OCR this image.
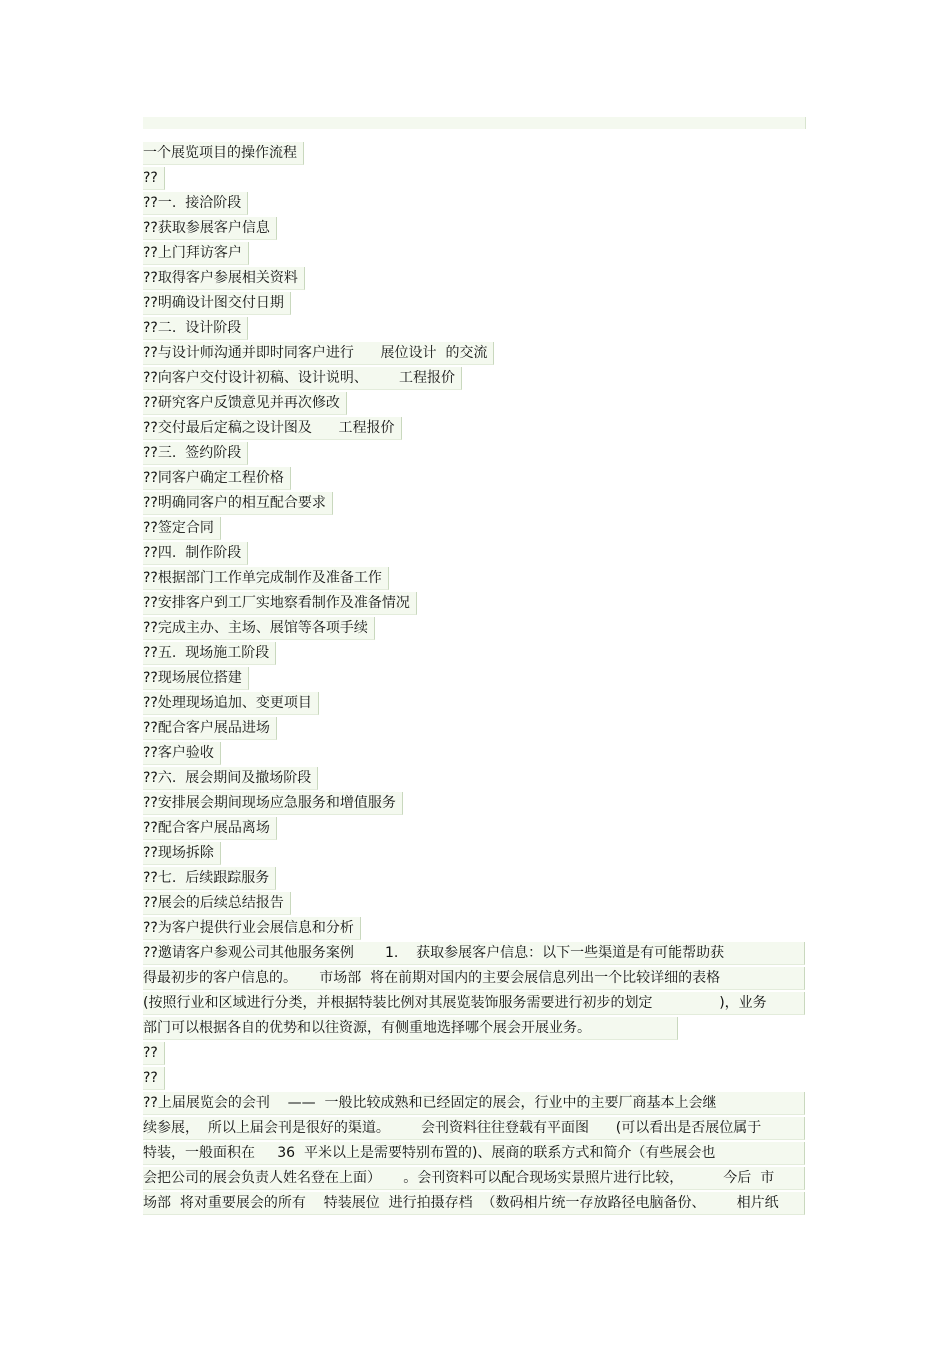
一个展览项目的操作流程
??
??一.  接洽阶段
??获取参展客户信息
??上门拜访客户
??取得客户参展相关资料
??明确设计图交付日期
??二.  设计阶段
??与设计师沟通并即时同客户进行      展位设计  的交流
??向客户交付设计初稿、设计说明、       工程报价
??研究客户反馈意见并再次修改
??交付最后定稿之设计图及      工程报价
??三.  签约阶段
??同客户确定工程价格
??明确同客户的相互配合要求
??签定合同
??四.  制作阶段
??根据部门工作单完成制作及准备工作
??安排客户到工厂实地察看制作及准备情况
??完成主办、主场、展馆等各项手续
??五.  现场施工阶段
??现场展位搭建
??处理现场追加、变更项目
??配合客户展品进场
??客户验收
??六.  展会期间及撤场阶段
??安排展会期间现场应急服务和增值服务
??配合客户展品离场
??现场拆除
??七.  后续跟踪服务
??展会的后续总结报告
??为客户提供行业会展信息和分析
??邀请客户参观公司其他服务案例       1.    获取参展客户信息：以下一些渠道是有可能帮助获
得最初步的客户信息的。     市场部  将在前期对国内的主要会展信息列出一个比较详细的表格
(按照行业和区域进行分类，并根据特装比例对其展览装饰服务需要进行初步的划定               )，业务
部门可以根据各自的优势和以往资源，有侧重地选择哪个展会开展业务。
??
??
??上届展览会的会刊    ——  一般比较成熟和已经固定的展会，行业中的主要厂商基本上会继
续参展，  所以上届会刊是很好的渠道。       会刊资料往往登载有平面图      (可以看出是否展位属于
特装，一般面积在     36  平米以上是需要特别布置的)、展商的联系方式和简介（有些展会也
会把公司的展会负责人姓名登在上面）     。会刊资料可以配合现场实景照片进行比较，         今后  市
场部  将对重要展会的所有    特装展位  进行拍摄存档  （数码相片统一存放路径电脑备份、       相片纸
